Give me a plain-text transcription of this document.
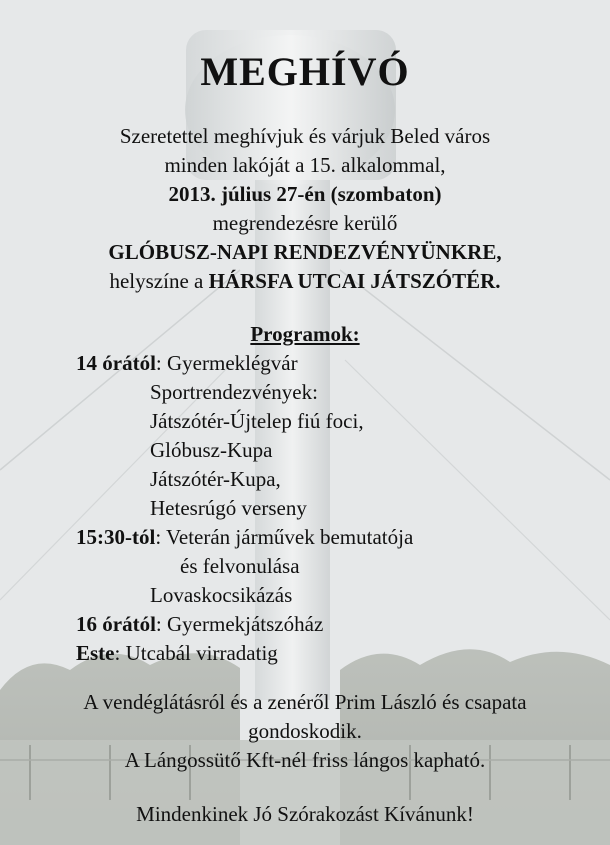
MEGHÍVÓ
Szeretettel meghívjuk és várjuk Beled város
minden lakóját a 15. alkalommal,
2013. július 27-én (szombaton)
megrendezésre kerülő
GLÓBUSZ-NAPI RENDEZVÉNYÜNKRE,
helyszíne a HÁRSFA UTCAI JÁTSZÓTÉR.
Programok:
14 órától: Gyermeklégvár
Sportrendezvények:
Játszótér-Újtelep fiú foci,
Glóbusz-Kupa
Játszótér-Kupa,
Hetesrúgó verseny
15:30-tól: Veterán járművek bemutatója
és felvonulása
Lovaskocsikázás
16 órától: Gyermekjátszóház
Este: Utcabál virradatig
A vendéglátásról és a zenéről Prim László és csapata
gondoskodik.
A Lángossütő Kft-nél friss lángos kapható.
Mindenkinek Jó Szórakozást Kívánunk!
